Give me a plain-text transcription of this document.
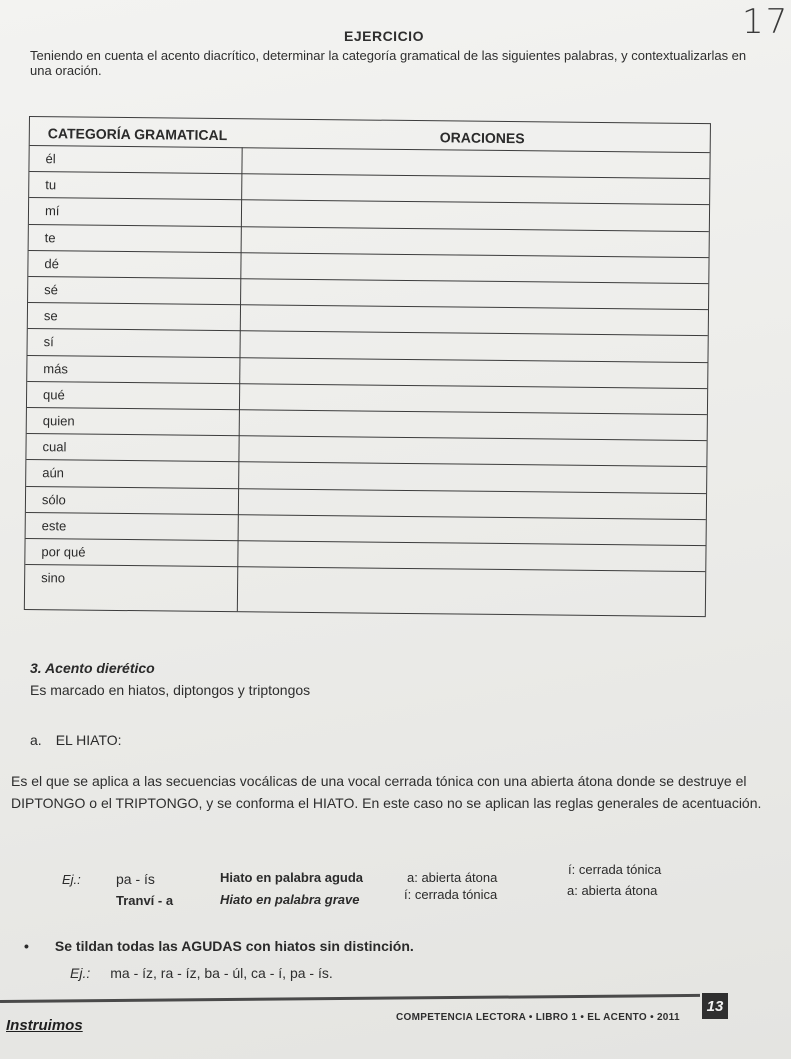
17
EJERCICIO
Teniendo en cuenta el acento diacrítico, determinar la categoría gramatical de las siguientes palabras, y contextualizarlas en una oración.
CATEGORÍA GRAMATICAL	ORACIONES
él
tu
mí
te
dé
sé
se
sí
más
qué
quien
cual
aún
sólo
este
por qué
sino
3. Acento dierético
Es marcado en hiatos, diptongos y triptongos
a. EL HIATO:
Es el que se aplica a las secuencias vocálicas de una vocal cerrada tónica con una abierta átona donde se destruye el DIPTONGO o el TRIPTONGO, y se conforma el HIATO. En este caso no se aplican las reglas generales de acentuación.
Ej.:	pa - ís	Hiato en palabra aguda	a: abierta átona
í: cerrada tónica
Tranví - a	Hiato en palabra grave	í: cerrada tónica	a: abierta átona
• Se tildan todas las AGUDAS con hiatos sin distinción.
Ej.: ma - íz, ra - íz, ba - úl, ca - í, pa - ís.
Instruimos	COMPETENCIA LECTORA • LIBRO 1 • EL ACENTO • 2011
13
